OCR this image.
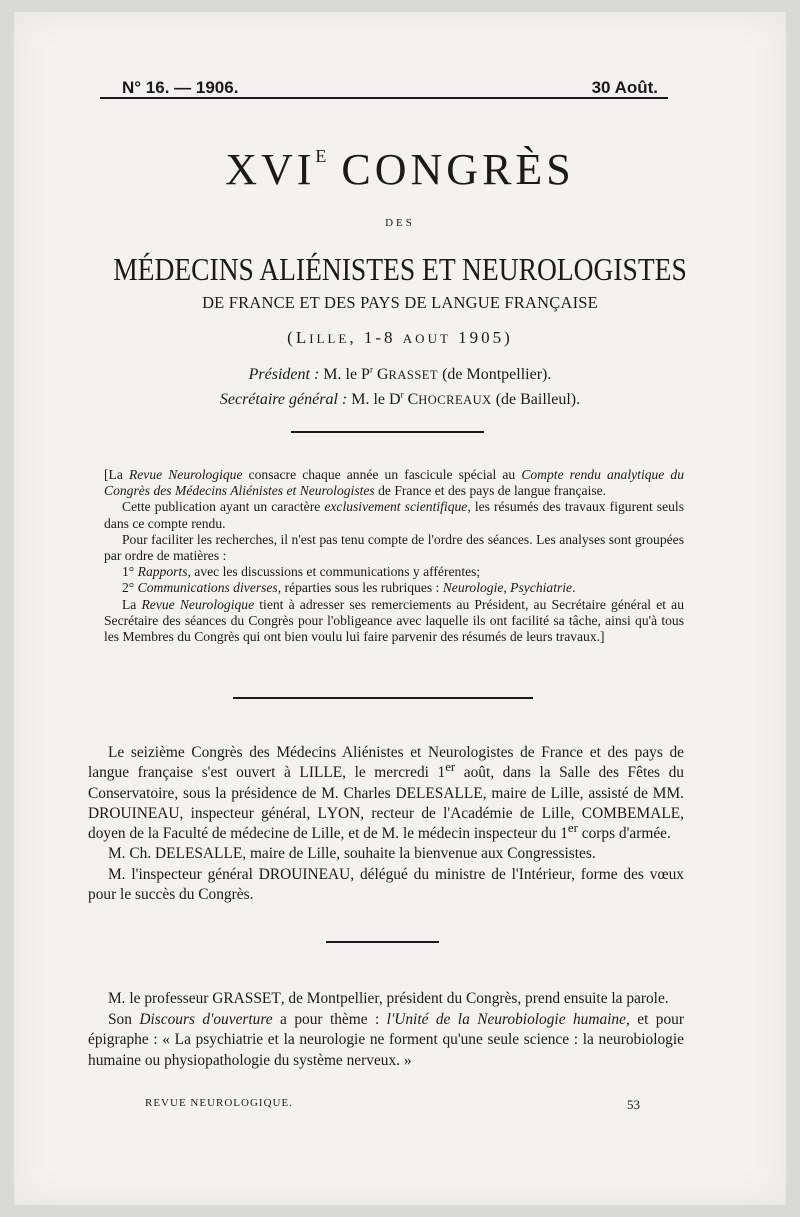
N° 16. — 1906.	30 Août.
$XVI^E$ CONGRÈS
DES
MÉDECINS ALIÉNISTES ET NEUROLOGISTES
DE FRANCE ET DES PAYS DE LANGUE FRANÇAISE
(LILLE, 1-8 AOUT 1905)
Président : M. le $P^r$ GRASSET (de Montpellier).
Secrétaire général : M. le $D^r$ CHOCREAUX (de Bailleul).

[La Revue Neurologique consacre chaque année un fascicule spécial au Compte rendu analytique du Congrès des Médecins Aliénistes et Neurologistes de France et des pays de langue française.

Cette publication ayant un caractère exclusivement scientifique, les résumés des travaux figurent seuls dans ce compte rendu.

Pour faciliter les recherches, il n'est pas tenu compte de l'ordre des séances. Les analyses sont groupées par ordre de matières :

1° Rapports, avec les discussions et communications y afférentes;

2° Communications diverses, réparties sous les rubriques : Neurologie, Psychiatrie.

La Revue Neurologique tient à adresser ses remerciements au Président, au Secrétaire général et au Secrétaire des séances du Congrès pour l'obligeance avec laquelle ils ont facilité sa tâche, ainsi qu'à tous les Membres du Congrès qui ont bien voulu lui faire parvenir des résumés de leurs travaux.]

Le seizième Congrès des Médecins Aliénistes et Neurologistes de France et des pays de langue française s'est ouvert à LILLE, le mercredi 1er août, dans la Salle des Fêtes du Conservatoire, sous la présidence de M. Charles DELESALLE, maire de Lille, assisté de MM. DROUINEAU, inspecteur général, LYON, recteur de l'Académie de Lille, COMBEMALE, doyen de la Faculté de médecine de Lille, et de M. le médecin inspecteur du 1er corps d'armée.

M. Ch. DELESALLE, maire de Lille, souhaite la bienvenue aux Congressistes.

M. l'inspecteur général DROUINEAU, délégué du ministre de l'Intérieur, forme des vœux pour le succès du Congrès.

M. le professeur GRASSET, de Montpellier, président du Congrès, prend ensuite la parole.

Son Discours d'ouverture a pour thème : l'Unité de la Neurobiologie humaine, et pour épigraphe : « La psychiatrie et la neurologie ne forment qu'une seule science : la neurobiologie humaine ou physiopathologie du système nerveux. »

REVUE NEUROLOGIQUE.	53
